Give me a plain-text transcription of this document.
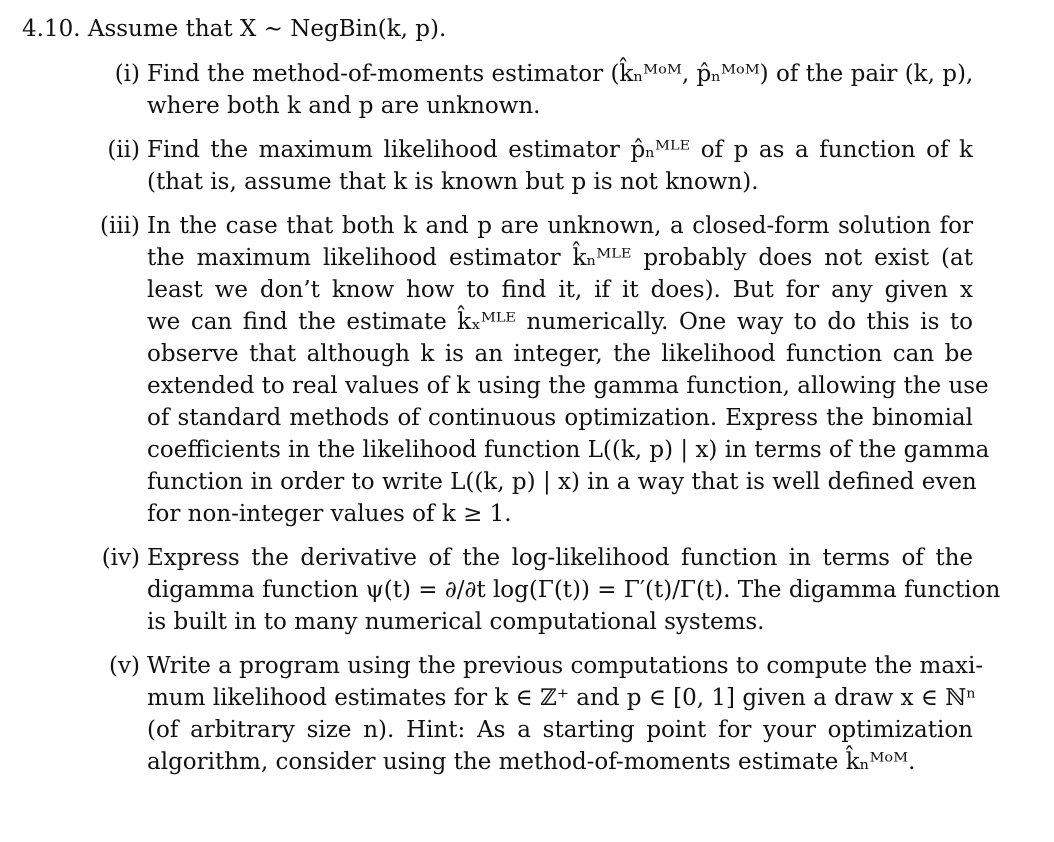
4.10. Assume that X ∼ NegBin(k, p).
(i) Find the method-of-moments estimator (k̂ₙᴹᵒᴹ, p̂ₙᴹᵒᴹ) of the pair (k, p),
where both k and p are unknown.
(ii) Find the maximum likelihood estimator p̂ₙᴹᴸᴱ of p as a function of k
(that is, assume that k is known but p is not known).
(iii) In the case that both k and p are unknown, a closed-form solution for
the maximum likelihood estimator k̂ₙᴹᴸᴱ probably does not exist (at
least we don’t know how to find it, if it does). But for any given x
we can find the estimate k̂ₓᴹᴸᴱ numerically. One way to do this is to
observe that although k is an integer, the likelihood function can be
extended to real values of k using the gamma function, allowing the use
of standard methods of continuous optimization. Express the binomial
coefficients in the likelihood function L((k, p) | x) in terms of the gamma
function in order to write L((k, p) | x) in a way that is well defined even
for non-integer values of k ≥ 1.
(iv) Express the derivative of the log-likelihood function in terms of the
digamma function ψ(t) = ∂/∂t log(Γ(t)) = Γ′(t)/Γ(t). The digamma function
is built in to many numerical computational systems.
(v) Write a program using the previous computations to compute the maxi-
mum likelihood estimates for k ∈ ℤ⁺ and p ∈ [0, 1] given a draw x ∈ ℕⁿ
(of arbitrary size n). Hint: As a starting point for your optimization
algorithm, consider using the method-of-moments estimate k̂ₙᴹᵒᴹ.
